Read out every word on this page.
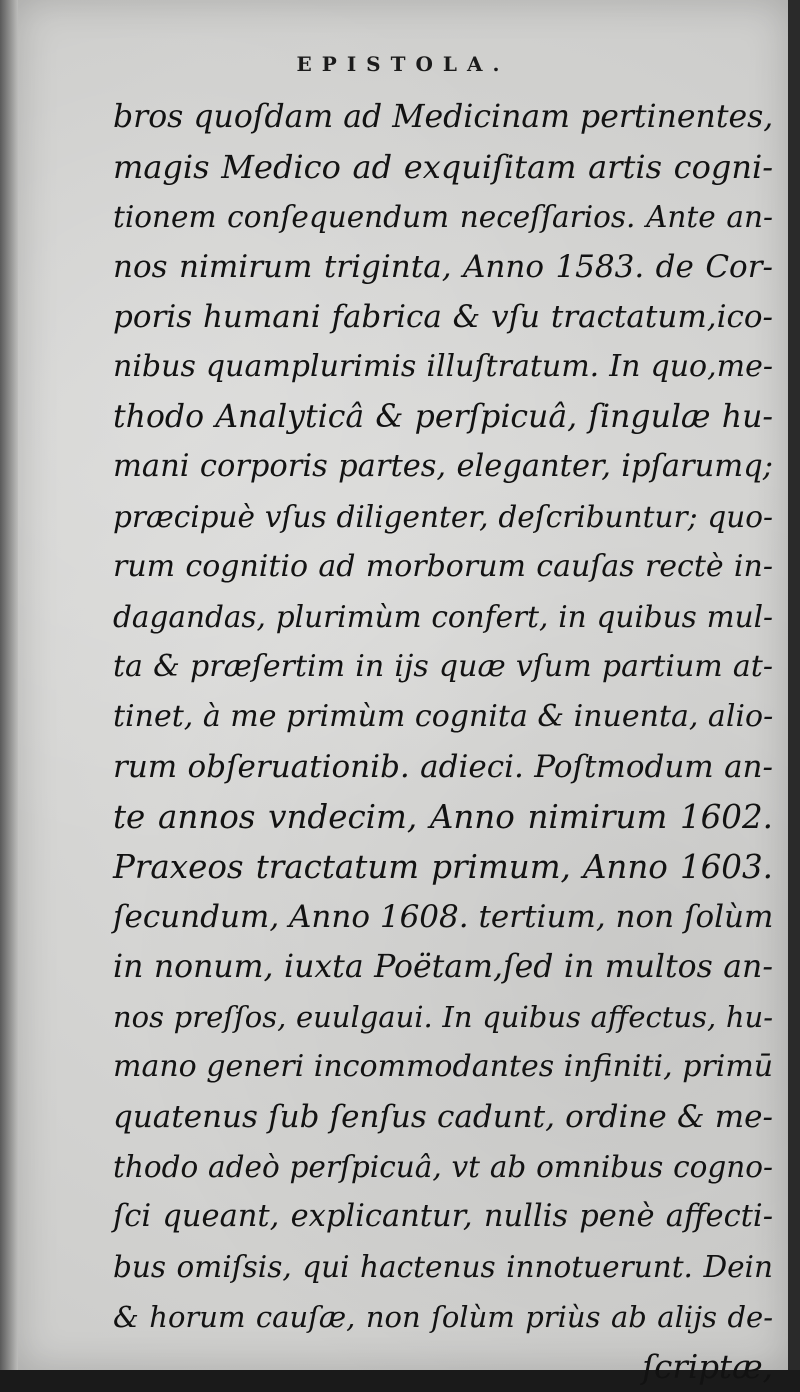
EPISTOLA.
bros quoſdam ad Medicinam pertinentes,
magis Medico ad exquiſitam artis cogni-
tionem conſequendum neceſſarios. Ante an-
nos nimirum triginta, Anno 1583. de Cor-
poris humani fabrica & vſu tractatum,ico-
nibus quamplurimis illuſtratum. In quo,me-
thodo Analyticâ & perſpicuâ, ſingulæ hu-
mani corporis partes, eleganter, ipſarumq;
præcipuè vſus diligenter, deſcribuntur; quo-
rum cognitio ad morborum cauſas rectè in-
dagandas, plurimùm confert, in quibus mul-
ta & præſertim in ijs quæ vſum partium at-
tinet, à me primùm cognita & inuenta, alio-
rum obſeruationib. adieci. Poſtmodum an-
te annos vndecim, Anno nimirum 1602.
Praxeos tractatum primum, Anno 1603.
ſecundum, Anno 1608. tertium, non ſolùm
in nonum, iuxta Poëtam,ſed in multos an-
nos preſſos, euulgaui. In quibus affectus, hu-
mano generi incommodantes infiniti, primū
quatenus ſub ſenſus cadunt, ordine & me-
thodo adeò perſpicuâ, vt ab omnibus cogno-
ſci queant, explicantur, nullis penè affecti-
bus omiſsis, qui hactenus innotuerunt. Dein
& horum cauſæ, non ſolùm priùs ab alijs de-
ſcriptæ,
